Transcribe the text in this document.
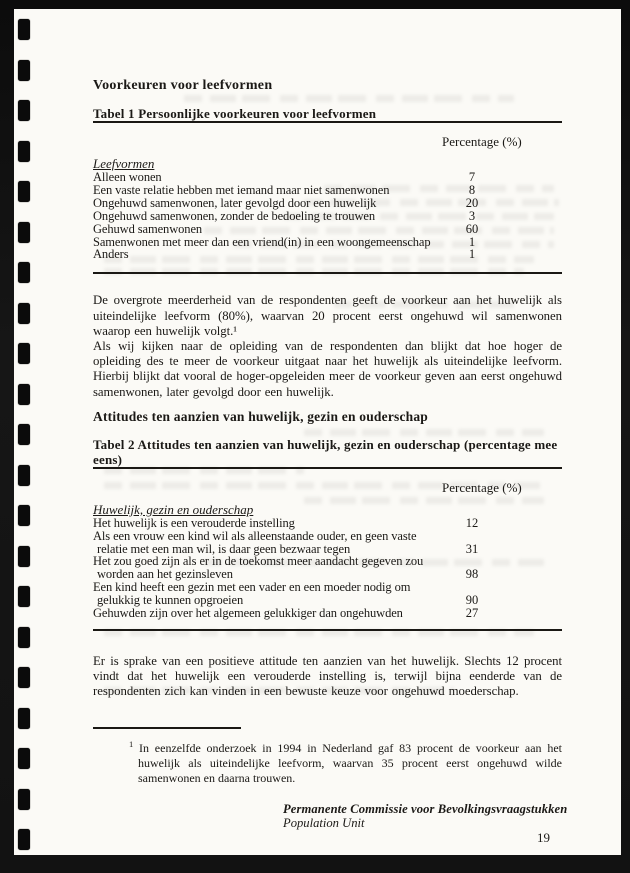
Voorkeuren voor leefvormen
Tabel 1 Persoonlijke voorkeuren voor leefvormen
Percentage (%)
Leefvormen
Alleen wonen	7
Een vaste relatie hebben met iemand maar niet samenwonen	8
Ongehuwd samenwonen, later gevolgd door een huwelijk	20
Ongehuwd samenwonen, zonder de bedoeling te trouwen	3
Gehuwd samenwonen	60
Samenwonen met meer dan een vriend(in) in een woongemeenschap	1
Anders	1

De overgrote meerderheid van de respondenten geeft de voorkeur aan het huwelijk als uiteindelijke leefvorm (80%), waarvan 20 procent eerst ongehuwd wil samenwonen waarop een huwelijk volgt.¹

Als wij kijken naar de opleiding van de respondenten dan blijkt dat hoe hoger de opleiding des te meer de voorkeur uitgaat naar het huwelijk als uiteindelijke leefvorm. Hierbij blijkt dat vooral de hoger-opgeleiden meer de voorkeur geven aan eerst ongehuwd samenwonen, later gevolgd door een huwelijk.

Attitudes ten aanzien van huwelijk, gezin en ouderschap
Tabel 2 Attitudes ten aanzien van huwelijk, gezin en ouderschap (percentage mee eens)
Percentage (%)
Huwelijk, gezin en ouderschap
Het huwelijk is een verouderde instelling	12
Als een vrouw een kind wil als alleenstaande ouder, en geen vaste relatie met een man wil, is daar geen bezwaar tegen	31
Het zou goed zijn als er in de toekomst meer aandacht gegeven zou worden aan het gezinsleven	98
Een kind heeft een gezin met een vader en een moeder nodig om gelukkig te kunnen opgroeien	90
Gehuwden zijn over het algemeen gelukkiger dan ongehuwden	27

Er is sprake van een positieve attitude ten aanzien van het huwelijk. Slechts 12 procent vindt dat het huwelijk een verouderde instelling is, terwijl bijna eenderde van de respondenten zich kan vinden in een bewuste keuze voor ongehuwd moederschap.

$^1$ In eenzelfde onderzoek in 1994 in Nederland gaf 83 procent de voorkeur aan het huwelijk als uiteindelijke leefvorm, waarvan 35 procent eerst ongehuwd wilde samenwonen en daarna trouwen.

Permanente Commissie voor Bevolkingsvraagstukken
Population Unit
19
